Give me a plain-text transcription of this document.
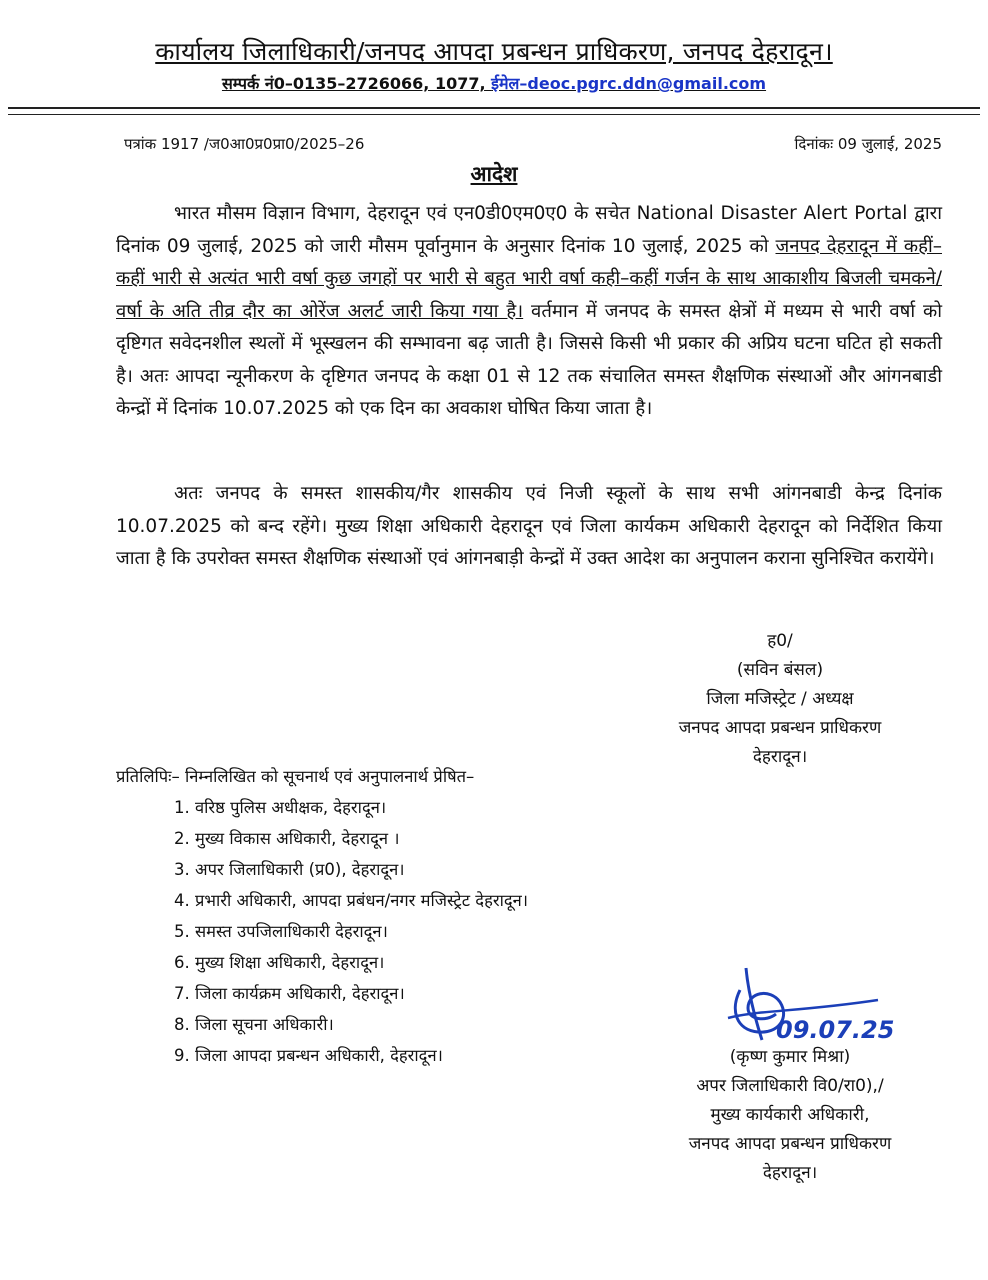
कार्यालय जिलाधिकारी/जनपद आपदा प्रबन्धन प्राधिकरण, जनपद देहरादून।
सम्पर्क नं0–0135–2726066, 1077, ईमेल–deoc.pgrc.ddn@gmail.com
पत्रांक 1917 /ज0आ0प्र0प्रा0/2025–26	दिनांकः 09 जुलाई, 2025
आदेश
भारत मौसम विज्ञान विभाग, देहरादून एवं एन0डी0एम0ए0 के सचेत National Disaster Alert Portal द्वारा दिनांक 09 जुलाई, 2025 को जारी मौसम पूर्वानुमान के अनुसार दिनांक 10 जुलाई, 2025 को जनपद देहरादून में कहीं–कहीं भारी से अत्यंत भारी वर्षा कुछ जगहों पर भारी से बहुत भारी वर्षा कही–कहीं गर्जन के साथ आकाशीय बिजली चमकने/वर्षा के अति तीव्र दौर का ओरेंज अलर्ट जारी किया गया है। वर्तमान में जनपद के समस्त क्षेत्रों में मध्यम से भारी वर्षा को दृष्टिगत सवेदनशील स्थलों में भूस्खलन की सम्भावना बढ़ जाती है। जिससे किसी भी प्रकार की अप्रिय घटना घटित हो सकती है। अतः आपदा न्यूनीकरण के दृष्टिगत जनपद के कक्षा 01 से 12 तक संचालित समस्त शैक्षणिक संस्थाओं और आंगनबाडी केन्द्रों में दिनांक 10.07.2025 को एक दिन का अवकाश घोषित किया जाता है।
अतः जनपद के समस्त शासकीय/गैर शासकीय एवं निजी स्कूलों के साथ सभी आंगनबाडी केन्द्र दिनांक 10.07.2025 को बन्द रहेंगे। मुख्य शिक्षा अधिकारी देहरादून एवं जिला कार्यकम अधिकारी देहरादून को निर्देशित किया जाता है कि उपरोक्त समस्त शैक्षणिक संस्थाओं एवं आंगनबाड़ी केन्द्रों में उक्त आदेश का अनुपालन कराना सुनिश्चित करायेंगे।
ह0/
(सविन बंसल)
जिला मजिस्ट्रेट / अध्यक्ष
जनपद आपदा प्रबन्धन प्राधिकरण
देहरादून।
प्रतिलिपिः– निम्नलिखित को सूचनार्थ एवं अनुपालनार्थ प्रेषित–
1. वरिष्ठ पुलिस अधीक्षक, देहरादून।
2. मुख्य विकास अधिकारी, देहरादून ।
3. अपर जिलाधिकारी (प्र0), देहरादून।
4. प्रभारी अधिकारी, आपदा प्रबंधन/नगर मजिस्ट्रेट देहरादून।
5. समस्त उपजिलाधिकारी देहरादून।
6. मुख्य शिक्षा अधिकारी, देहरादून।
7. जिला कार्यक्रम अधिकारी, देहरादून।
8. जिला सूचना अधिकारी।
9. जिला आपदा प्रबन्धन अधिकारी, देहरादून।
09.07.25
(कृष्ण कुमार मिश्रा)
अपर जिलाधिकारी वि0/रा0),/
मुख्य कार्यकारी अधिकारी,
जनपद आपदा प्रबन्धन प्राधिकरण
देहरादून।
